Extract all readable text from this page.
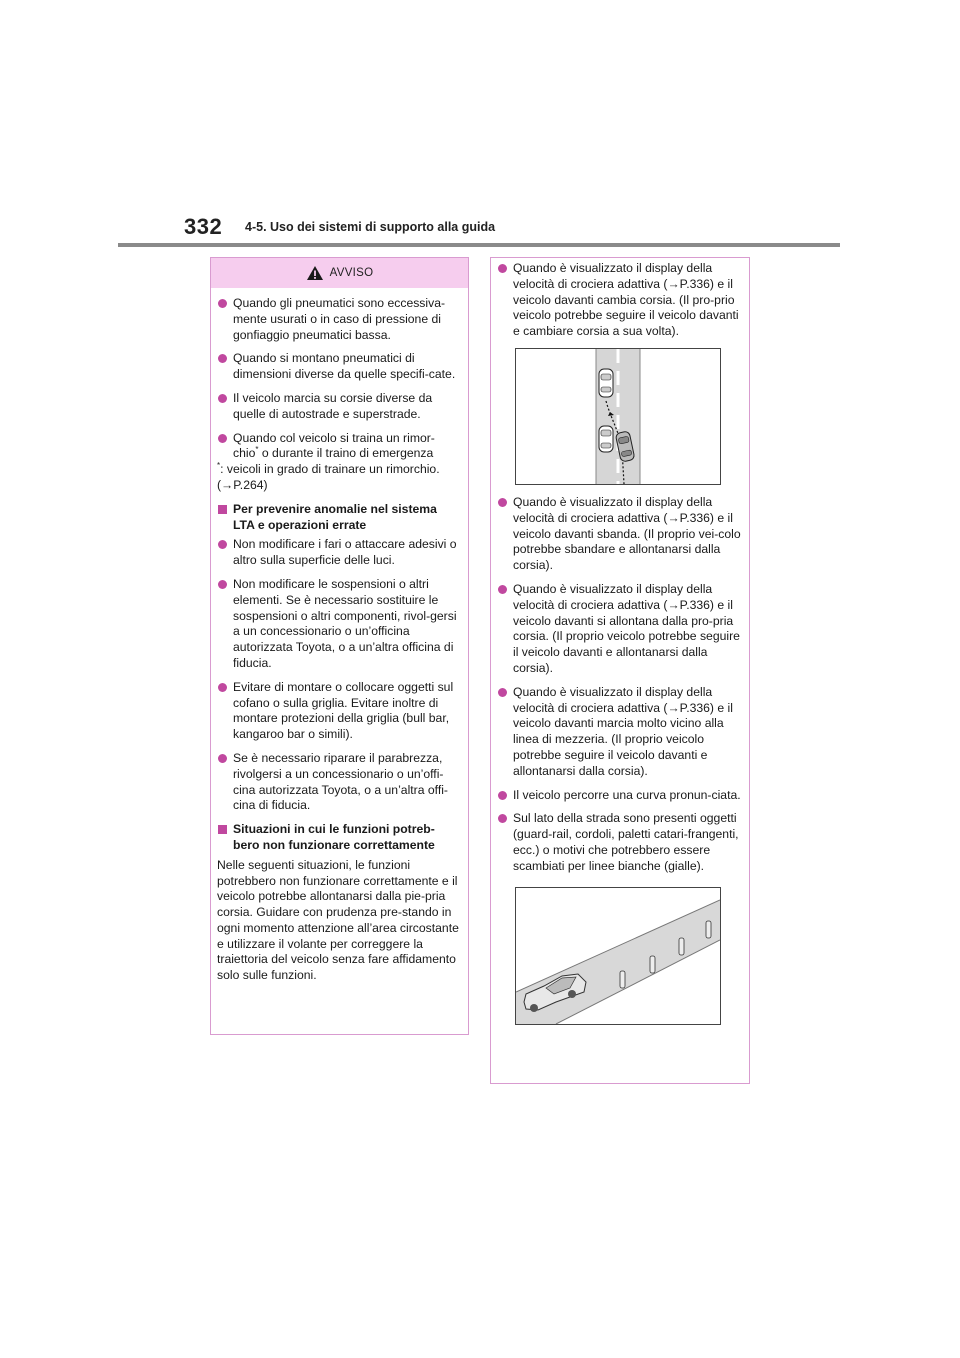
332 4-5. Uso dei sistemi di supporto alla guida
AVVISO
Quando gli pneumatici sono eccessiva-mente usurati o in caso di pressione di gonfiaggio pneumatici bassa.
Quando si montano pneumatici di dimensioni diverse da quelle specifi-cate.
Il veicolo marcia su corsie diverse da quelle di autostrade e superstrade.
Quando col veicolo si traina un rimor-chio* o durante il traino di emergenza
*: veicoli in grado di trainare un rimorchio. (→P.264)
Per prevenire anomalie nel sistema LTA e operazioni errate
Non modificare i fari o attaccare adesivi o altro sulla superficie delle luci.
Non modificare le sospensioni o altri elementi. Se è necessario sostituire le sospensioni o altri componenti, rivol-gersi a un concessionario o un’officina autorizzata Toyota, o a un’altra officina di fiducia.
Evitare di montare o collocare oggetti sul cofano o sulla griglia. Evitare inoltre di montare protezioni della griglia (bull bar, kangaroo bar o simili).
Se è necessario riparare il parabrezza, rivolgersi a un concessionario o un’offi-cina autorizzata Toyota, o a un’altra offi-cina di fiducia.
Situazioni in cui le funzioni potreb-bero non funzionare correttamente

Nelle seguenti situazioni, le funzioni potrebbero non funzionare correttamente e il veicolo potrebbe allontanarsi dalla pie-pria corsia. Guidare con prudenza pre-stando in ogni momento attenzione all’area circostante e utilizzare il volante per correggere la traiettoria del veicolo senza fare affidamento solo sulle funzioni.

Quando è visualizzato il display della velocità di crociera adattiva (→P.336) e il veicolo davanti cambia corsia. (Il pro-prio veicolo potrebbe seguire il veicolo davanti e cambiare corsia a sua volta).
Quando è visualizzato il display della velocità di crociera adattiva (→P.336) e il veicolo davanti sbanda. (Il proprio vei-colo potrebbe sbandare e allontanarsi dalla corsia).
Quando è visualizzato il display della velocità di crociera adattiva (→P.336) e il veicolo davanti si allontana dalla pro-pria corsia. (Il proprio veicolo potrebbe seguire il veicolo davanti e allontanarsi dalla corsia).
Quando è visualizzato il display della velocità di crociera adattiva (→P.336) e il veicolo davanti marcia molto vicino alla linea di mezzeria. (Il proprio veicolo potrebbe seguire il veicolo davanti e allontanarsi dalla corsia).
Il veicolo percorre una curva pronun-ciata.
Sul lato della strada sono presenti oggetti (guard-rail, cordoli, paletti catari-frangenti, ecc.) o motivi che potrebbero essere scambiati per linee bianche (gialle).
